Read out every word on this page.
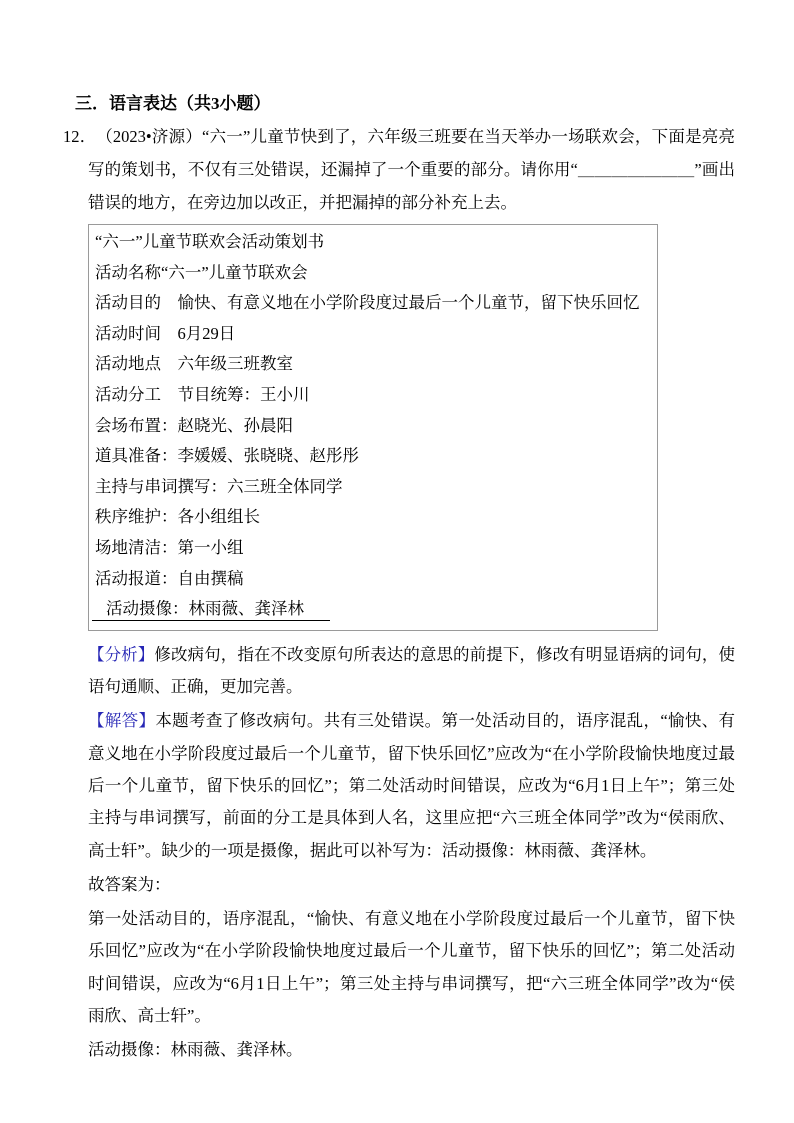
三．语言表达（共3小题）

12． （2023•济源）“六一”儿童节快到了，六年级三班要在当天举办一场联欢会，下面是亮亮写的策划书，不仅有三处错误，还漏掉了一个重要的部分。请你用“＿＿＿＿＿＿＿”画出错误的地方，在旁边加以改正，并把漏掉的部分补充上去。

“六一”儿童节联欢会活动策划书

活动名称“六一”儿童节联欢会

活动目的　愉快、有意义地在小学阶段度过最后一个儿童节，留下快乐回忆

活动时间　6月29日

活动地点　六年级三班教室

活动分工　节目统筹：王小川

会场布置：赵晓光、孙晨阳

道具准备：李媛媛、张晓晓、赵彤彤

主持与串词撰写：六三班全体同学

秩序维护：各小组组长

场地清洁：第一小组

活动报道：自由撰稿

活动摄像：林雨薇、龚泽林

【分析】修改病句，指在不改变原句所表达的意思的前提下，修改有明显语病的词句，使语句通顺、正确，更加完善。

【解答】本题考查了修改病句。共有三处错误。第一处活动目的，语序混乱，“愉快、有意义地在小学阶段度过最后一个儿童节，留下快乐回忆”应改为“在小学阶段愉快地度过最后一个儿童节，留下快乐的回忆”；第二处活动时间错误，应改为“6月1日上午”；第三处主持与串词撰写，前面的分工是具体到人名，这里应把“六三班全体同学”改为“侯雨欣、高士轩”。缺少的一项是摄像，据此可以补写为：活动摄像：林雨薇、龚泽林。

故答案为：

第一处活动目的，语序混乱，“愉快、有意义地在小学阶段度过最后一个儿童节，留下快乐回忆”应改为“在小学阶段愉快地度过最后一个儿童节，留下快乐的回忆”；第二处活动时间错误，应改为“6月1日上午”；第三处主持与串词撰写，把“六三班全体同学”改为“侯雨欣、高士轩”。

活动摄像：林雨薇、龚泽林。
